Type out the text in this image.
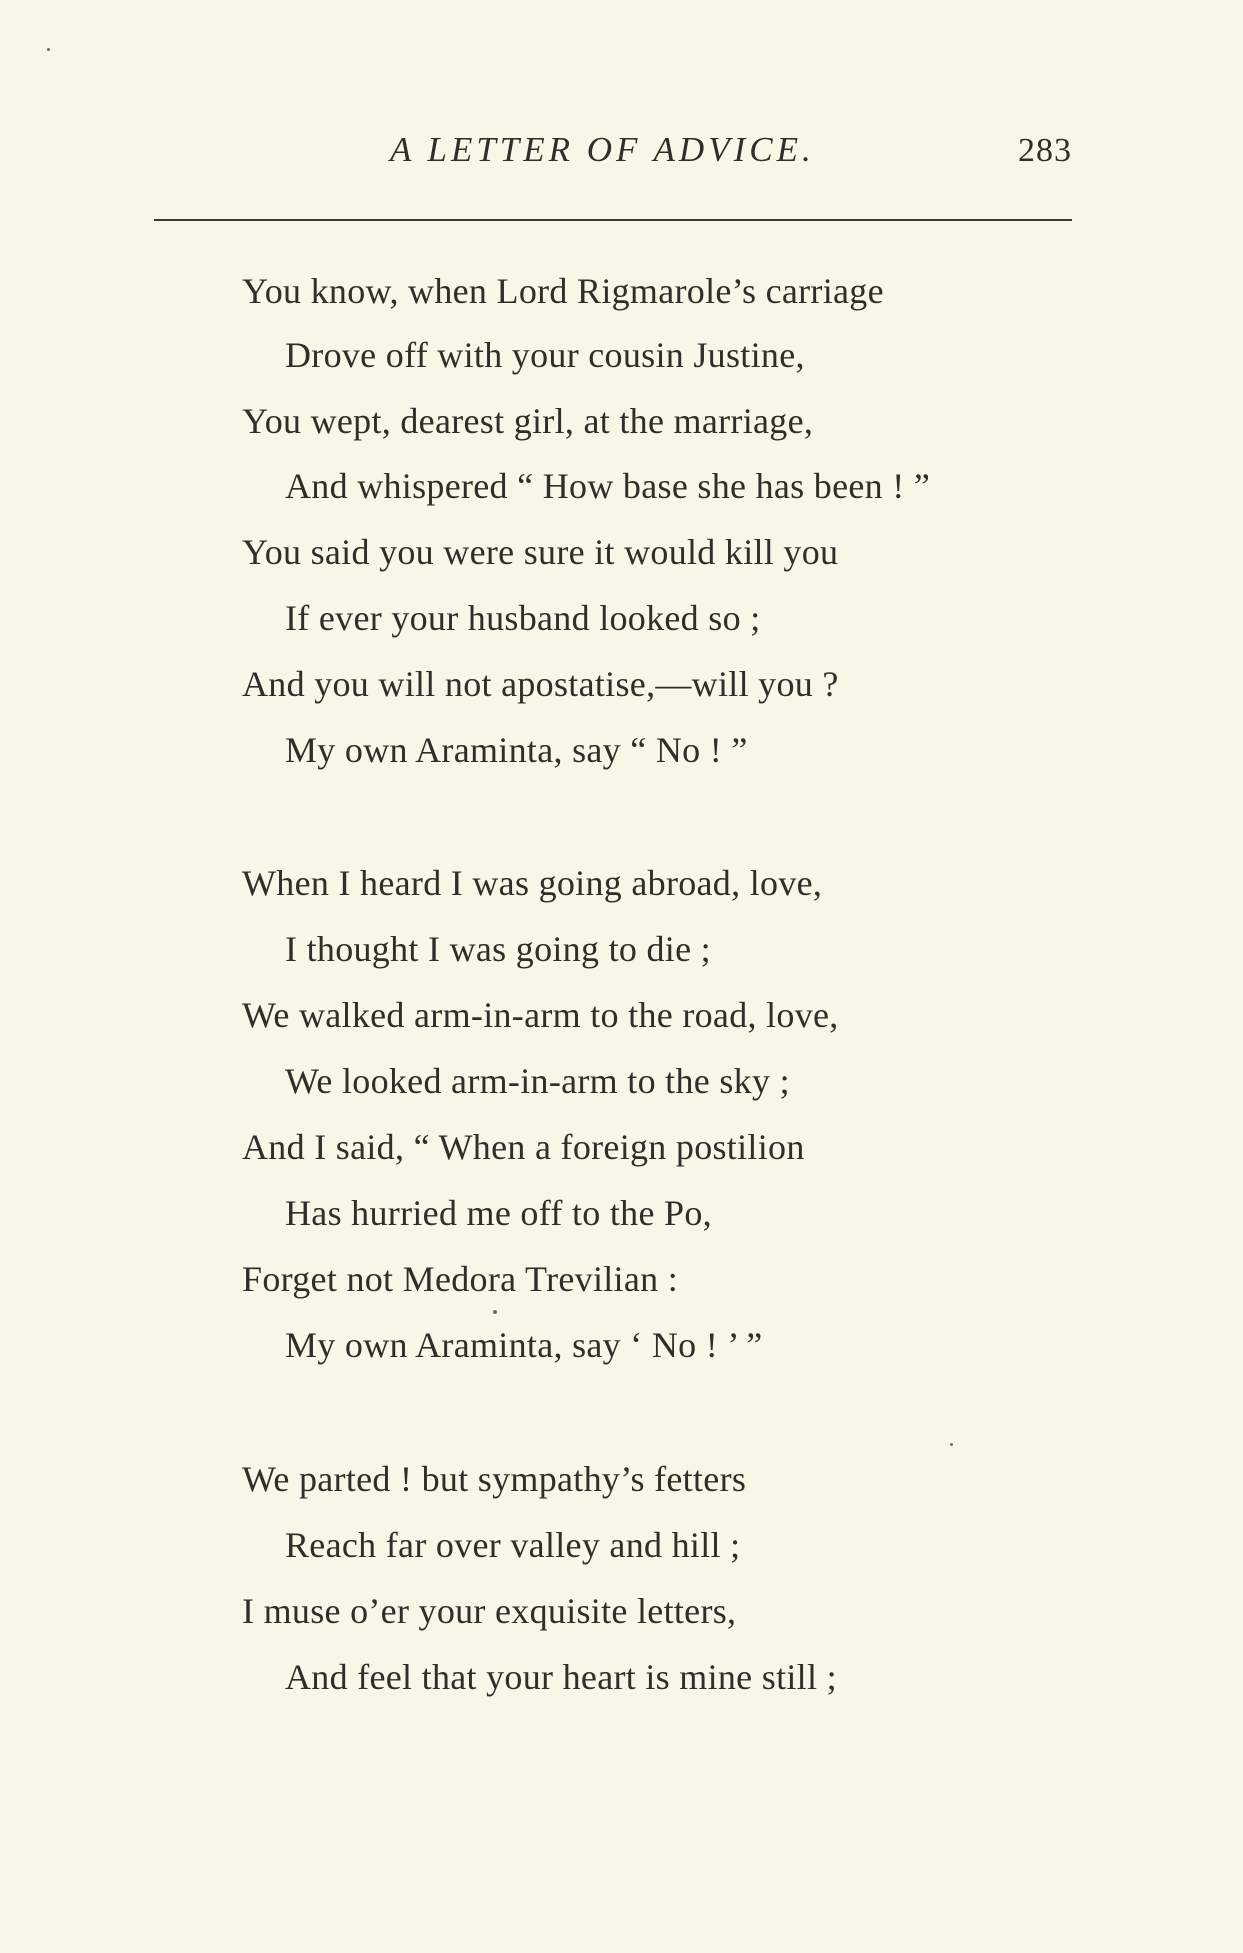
A LETTER OF ADVICE.	283
You know, when Lord Rigmarole’s carriage
Drove off with your cousin Justine,
You wept, dearest girl, at the marriage,
And whispered “ How base she has been ! ”
You said you were sure it would kill you
If ever your husband looked so ;
And you will not apostatise,—will you ?
My own Araminta, say “ No ! ”
When I heard I was going abroad, love,
I thought I was going to die ;
We walked arm-in-arm to the road, love,
We looked arm-in-arm to the sky ;
And I said, “ When a foreign postilion
Has hurried me off to the Po,
Forget not Medora Trevilian :
My own Araminta, say ‘ No ! ’ ”
We parted ! but sympathy’s fetters
Reach far over valley and hill ;
I muse o’er your exquisite letters,
And feel that your heart is mine still ;
